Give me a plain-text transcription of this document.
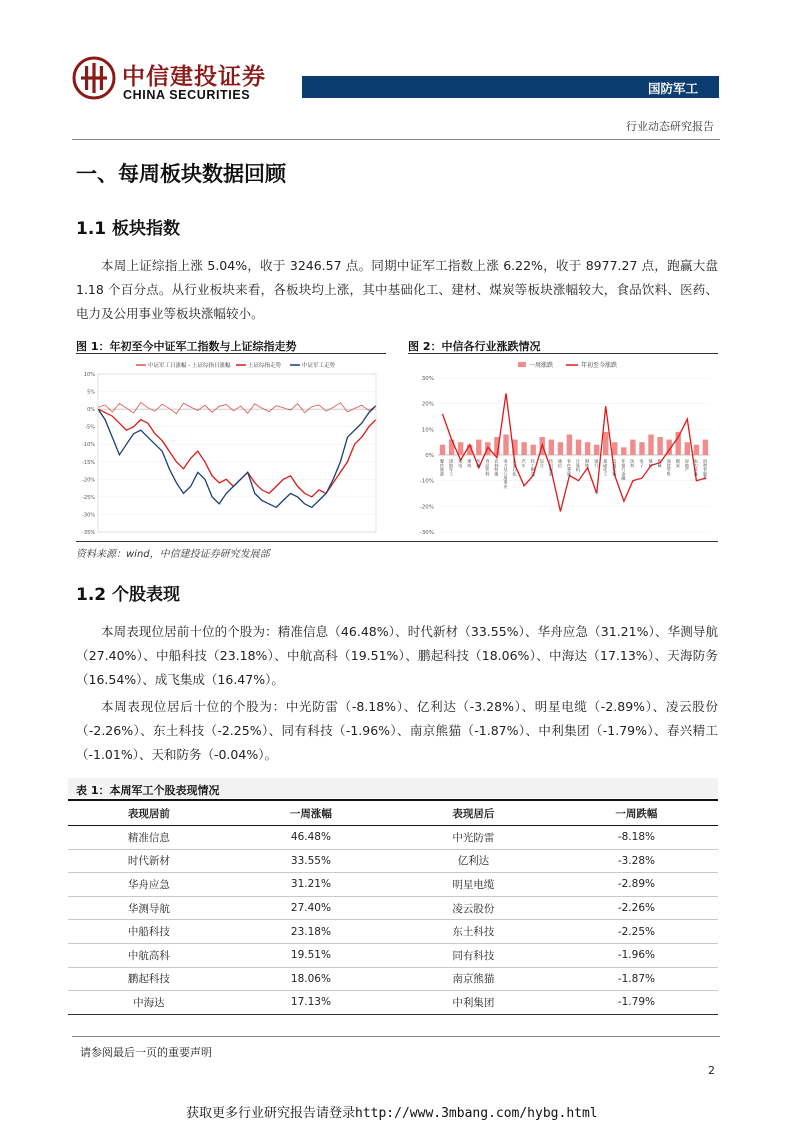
中信建投证券
CHINA SECURITIES	国防军工
行业动态研究报告
一、每周板块数据回顾
1.1 板块指数
本周上证综指上涨 5.04%，收于 3246.57 点。同期中证军工指数上涨 6.22%，收于 8977.27 点，跑赢大盘 1.18 个百分点。从行业板块来看，各板块均上涨，其中基础化工、建材、煤炭等板块涨幅较大，食品饮料、医药、电力及公用事业等板块涨幅较小。
图 1：年初至今中证军工指数与上证综指走势
中证军工日涨幅 - 上证综指日涨幅	上证综指走势	中证军工走势
10%
5%
0%
-5%
-10%
-15%
-20%
-25%
-30%
-35%
图 2：中信各行业涨跌情况
一周涨跌	年初至今涨跌
30%
20%
10%
0%
-10%
-20%
-30%
餐饮旅游 国防军工 家电 建筑 传媒 食品饮料 农林牧渔 电力及公用事业 石油石化 汽车 轻工制造 综合 纺织服装 通信 有色金属 计算机 钢铁 银行 基础化工 交通运输 非银行金融 医药 电子 建材 机械 商贸零售 煤炭 房地产 电力设备 消费者服务
资料来源：wind，中信建投证券研究发展部
1.2 个股表现
本周表现位居前十位的个股为：精准信息（46.48%）、时代新材（33.55%）、华舟应急（31.21%）、华测导航（27.40%）、中船科技（23.18%）、中航高科（19.51%）、鹏起科技（18.06%）、中海达（17.13%）、天海防务（16.54%）、成飞集成（16.47%）。
本周表现位居后十位的个股为：中光防雷（-8.18%）、亿利达（-3.28%）、明星电缆（-2.89%）、凌云股份（-2.26%）、东土科技（-2.25%）、同有科技（-1.96%）、南京熊猫（-1.87%）、中利集团（-1.79%）、春兴精工（-1.01%）、天和防务（-0.04%）。
表 1：本周军工个股表现情况
表现居前	一周涨幅	表现居后	一周跌幅
精准信息	46.48%	中光防雷	-8.18%
时代新材	33.55%	亿利达	-3.28%
华舟应急	31.21%	明星电缆	-2.89%
华测导航	27.40%	凌云股份	-2.26%
中船科技	23.18%	东土科技	-2.25%
中航高科	19.51%	同有科技	-1.96%
鹏起科技	18.06%	南京熊猫	-1.87%
中海达	17.13%	中利集团	-1.79%
请参阅最后一页的重要声明
2
获取更多行业研究报告请登录http://www.3mbang.com/hybg.html
